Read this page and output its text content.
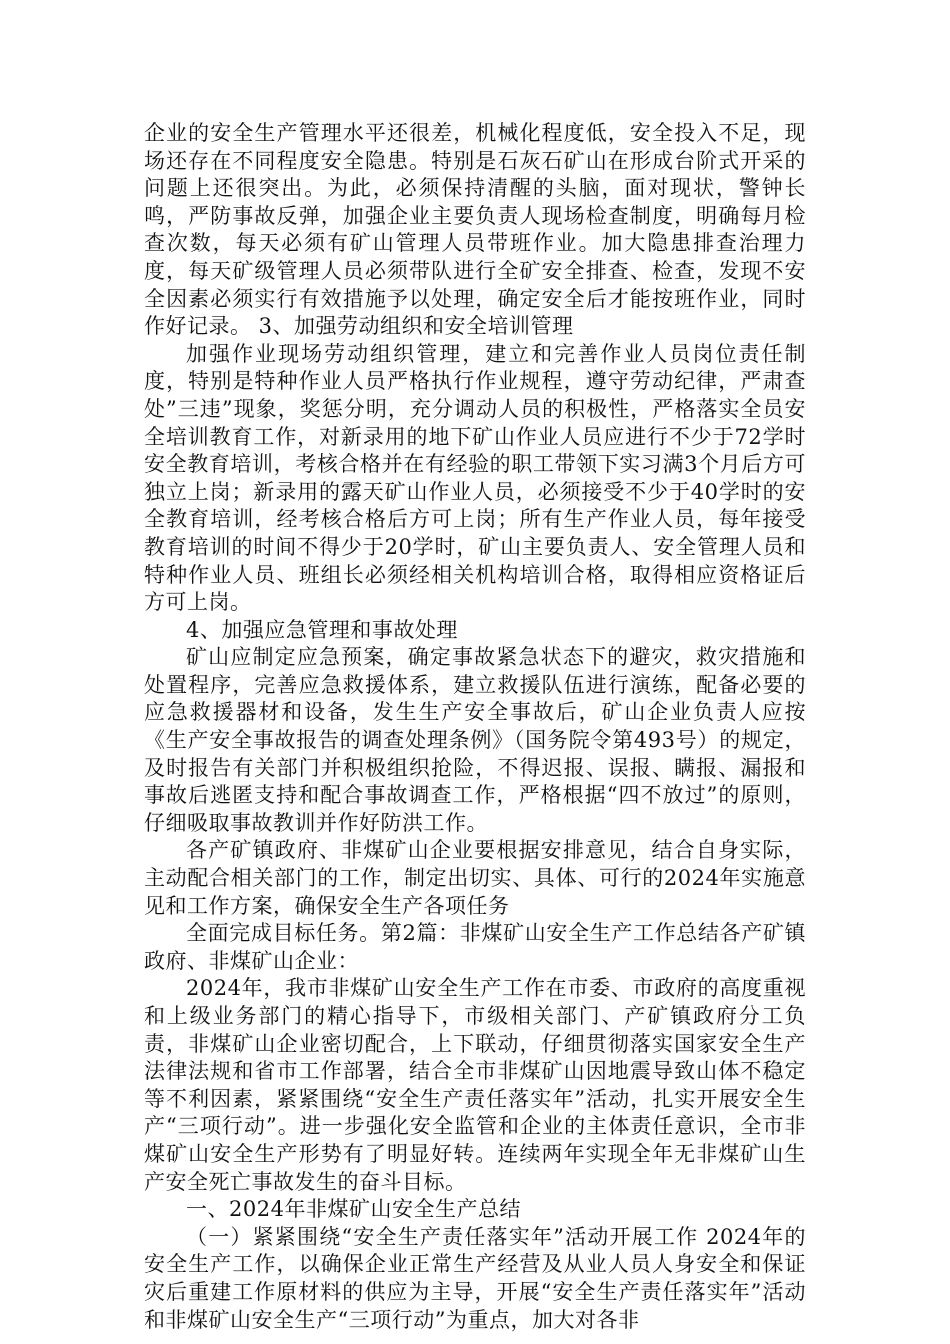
企业的安全生产管理水平还很差，机械化程度低，安全投入不足，现场还存在不同程度安全隐患。特别是石灰石矿山在形成台阶式开采的问题上还很突出。为此，必须保持清醒的头脑，面对现状，警钟长鸣，严防事故反弹，加强企业主要负责人现场检查制度，明确每月检查次数，每天必须有矿山管理人员带班作业。加大隐患排查治理力度，每天矿级管理人员必须带队进行全矿安全排查、检查，发现不安全因素必须实行有效措施予以处理，确定安全后才能按班作业，同时作好记录。 3、加强劳动组织和安全培训管理

加强作业现场劳动组织管理，建立和完善作业人员岗位责任制度，特别是特种作业人员严格执行作业规程，遵守劳动纪律，严肃查处”三违”现象，奖惩分明，充分调动人员的积极性，严格落实全员安全培训教育工作，对新录用的地下矿山作业人员应进行不少于72学时安全教育培训，考核合格并在有经验的职工带领下实习满3个月后方可独立上岗；新录用的露天矿山作业人员，必须接受不少于40学时的安全教育培训，经考核合格后方可上岗；所有生产作业人员，每年接受教育培训的时间不得少于20学时，矿山主要负责人、安全管理人员和特种作业人员、班组长必须经相关机构培训合格，取得相应资格证后方可上岗。

4、加强应急管理和事故处理

矿山应制定应急预案，确定事故紧急状态下的避灾，救灾措施和处置程序，完善应急救援体系，建立救援队伍进行演练，配备必要的应急救援器材和设备，发生生产安全事故后，矿山企业负责人应按《生产安全事故报告的调查处理条例》（国务院令第493号）的规定，及时报告有关部门并积极组织抢险，不得迟报、误报、瞒报、漏报和事故后逃匿支持和配合事故调查工作，严格根据“四不放过”的原则，仔细吸取事故教训并作好防洪工作。

各产矿镇政府、非煤矿山企业要根据安排意见，结合自身实际，主动配合相关部门的工作，制定出切实、具体、可行的2024年实施意见和工作方案，确保安全生产各项任务

全面完成目标任务。第2篇：非煤矿山安全生产工作总结各产矿镇政府、非煤矿山企业：

2024年，我市非煤矿山安全生产工作在市委、市政府的高度重视和上级业务部门的精心指导下，市级相关部门、产矿镇政府分工负责，非煤矿山企业密切配合，上下联动，仔细贯彻落实国家安全生产法律法规和省市工作部署，结合全市非煤矿山因地震导致山体不稳定等不利因素，紧紧围绕“安全生产责任落实年”活动，扎实开展安全生产“三项行动”。进一步强化安全监管和企业的主体责任意识，全市非煤矿山安全生产形势有了明显好转。连续两年实现全年无非煤矿山生产安全死亡事故发生的奋斗目标。

一、2024年非煤矿山安全生产总结

（一）紧紧围绕“安全生产责任落实年”活动开展工作 2024年的安全生产工作，以确保企业正常生产经营及从业人员人身安全和保证灾后重建工作原材料的供应为主导，开展“安全生产责任落实年”活动和非煤矿山安全生产“三项行动”为重点，加大对各非
